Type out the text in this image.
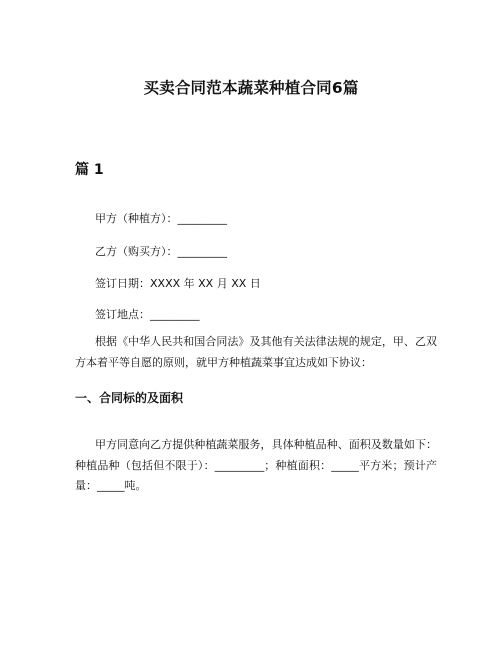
买卖合同范本蔬菜种植合同6篇
篇 1
甲方（种植方）：_________
乙方（购买方）：_________
签订日期：XXXX 年 XX 月 XX 日
签订地点：_________
根据《中华人民共和国合同法》及其他有关法律法规的规定，甲、乙双方本着平等自愿的原则，就甲方种植蔬菜事宜达成如下协议：
一、合同标的及面积
甲方同意向乙方提供种植蔬菜服务，具体种植品种、面积及数量如下：种植品种（包括但不限于）：_________；种植面积：_____平方米；预计产量：_____吨。
